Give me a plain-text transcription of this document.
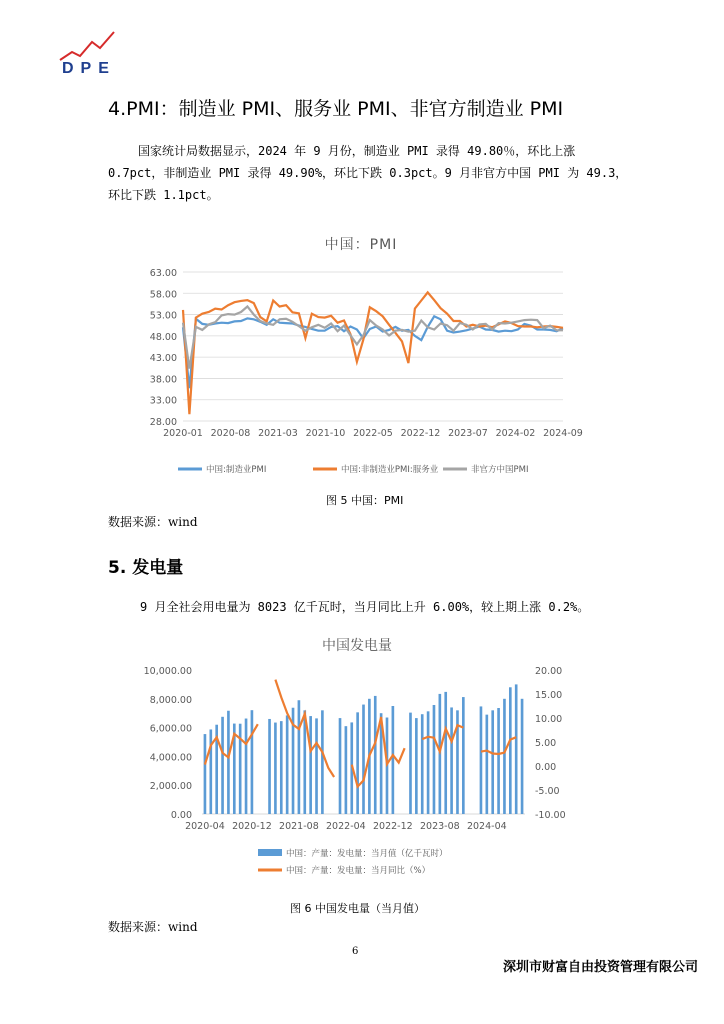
DPE
4.PMI：制造业 PMI、服务业 PMI、非官方制造业 PMI
国家统计局数据显示，2024 年 9 月份，制造业 PMI 录得 49.80％，环比上涨 0.7pct，非制造业 PMI 录得 49.90%，环比下跌 0.3pct。9 月非官方中国 PMI 为 49.3，环比下跌 1.1pct。
中国：PMI
63.00
58.00
53.00
48.00
43.00
38.00
33.00
28.00
2020-01 2020-08 2021-03 2021-10 2022-05 2022-12 2023-07 2024-02 2024-09
中国:制造业PMI	中国:非制造业PMI:服务业	非官方中国PMI
图 5 中国：PMI
数据来源：wind
5. 发电量
9 月全社会用电量为 8023 亿千瓦时，当月同比上升 6.00%，较上期上涨 0.2%。
中国发电量
10,000.00
8,000.00
6,000.00
4,000.00
2,000.00
0.00
20.00
15.00
10.00
5.00
0.00
-5.00
-10.00
2020-04 2020-12 2021-08 2022-04 2022-12 2023-08 2024-04
中国：产量：发电量：当月值（亿千瓦时）
中国：产量：发电量：当月同比（%）
图 6 中国发电量（当月值）
数据来源：wind
6
深圳市财富自由投资管理有限公司
